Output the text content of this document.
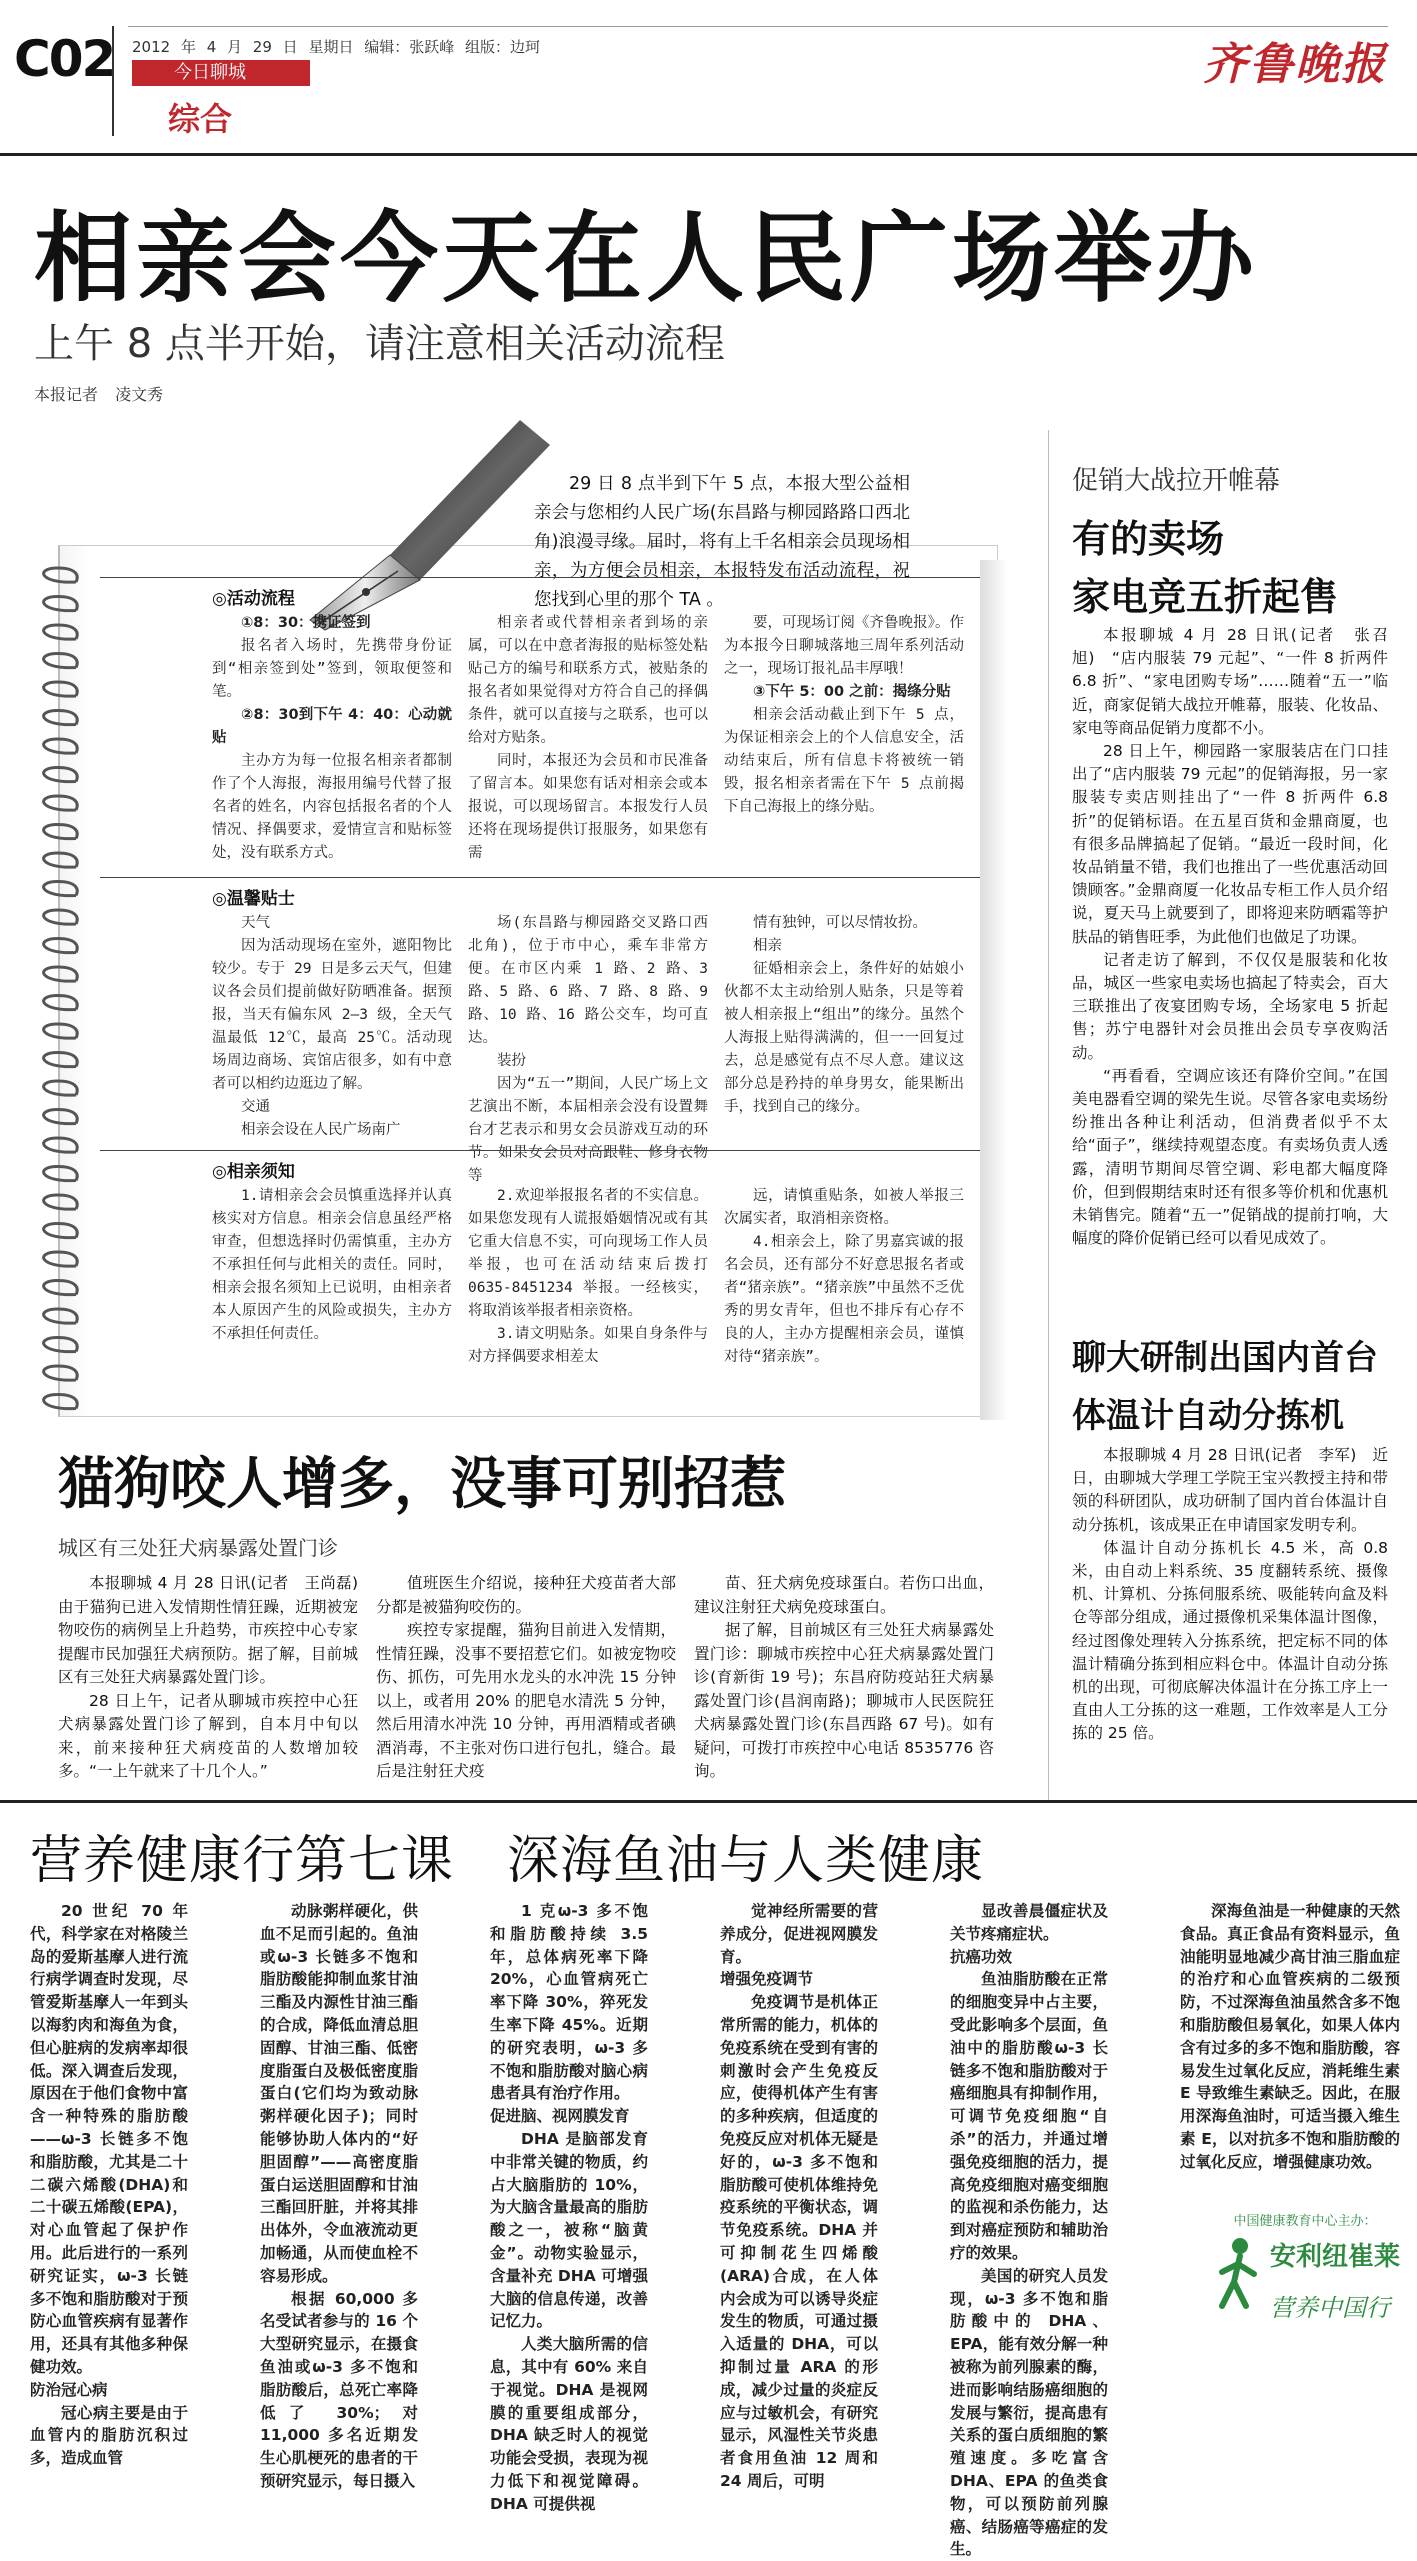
C02 2012 年 4 月 29 日 星期日 编辑：张跃峰 组版：边珂
今日聊城
综合
齐鲁晚报
相亲会今天在人民广场举办
上午 8 点半开始，请注意相关活动流程
本报记者 凌文秀
29 日 8 点半到下午 5 点，本报大型公益相亲会与您相约人民广场(东昌路与柳园路路口西北角)浪漫寻缘。届时，将有上千名相亲会员现场相亲，为方便会员相亲，本报特发布活动流程，祝您找到心里的那个 TA 。
◎活动流程
①8：30：携证签到
报名者入场时，先携带身份证到“相亲签到处”签到，领取便签和笔。
②8：30到下午 4：40：心动就贴
主办方为每一位报名相亲者都制作了个人海报，海报用编号代替了报名者的姓名，内容包括报名者的个人情况、择偶要求，爱情宣言和贴标签处，没有联系方式。
相亲者或代替相亲者到场的亲属，可以在中意者海报的贴标签处粘贴己方的编号和联系方式，被贴条的报名者如果觉得对方符合自己的择偶条件，就可以直接与之联系，也可以给对方贴条。
同时，本报还为会员和市民准备了留言本。如果您有话对相亲会或本报说，可以现场留言。本报发行人员还将在现场提供订报服务，如果您有需
要，可现场订阅《齐鲁晚报》。作为本报今日聊城落地三周年系列活动之一，现场订报礼品丰厚哦！
③下午 5：00 之前：揭绦分贴
相亲会活动截止到下午 5 点，为保证相亲会上的个人信息安全，活动结束后，所有信息卡将被统一销毁，报名相亲者需在下午 5 点前揭下自己海报上的绦分贴。
◎温馨贴士
天气
因为活动现场在室外，遮阳物比较少。专于 29 日是多云天气，但建议各会员们提前做好防晒准备。据预报，当天有偏东风 2—3 级，全天气温最低 12℃，最高 25℃。活动现场周边商场、宾馆店很多，如有中意者可以相约边逛边了解。
交通
相亲会设在人民广场南广
场(东昌路与柳园路交叉路口西北角)，位于市中心，乘车非常方便。在市区内乘 1 路、2 路、3 路、5 路、6 路、7 路、8 路、9 路、10 路、16 路公交车，均可直达。
装扮
因为“五一”期间，人民广场上文艺演出不断，本届相亲会没有设置舞台才艺表示和男女会员游戏互动的环节。如果女会员对高跟鞋、修身衣物等
情有独钟，可以尽情妆扮。
相亲
征婚相亲会上，条件好的姑娘小伙都不太主动给别人贴条，只是等着被人相亲报上“组出”的缘分。虽然个人海报上贴得满满的，但一一回复过去，总是感觉有点不尽人意。建议这部分总是矜持的单身男女，能果断出手，找到自己的缘分。
◎相亲须知
1.请相亲会会员慎重选择并认真核实对方信息。相亲会信息虽经严格审查，但想选择时仍需慎重，主办方不承担任何与此相关的责任。同时，相亲会报名须知上已说明，由相亲者本人原因产生的风险或损失，主办方不承担任何责任。
2.欢迎举报报名者的不实信息。如果您发现有人谎报婚姻情况或有其它重大信息不实，可向现场工作人员举报，也可在活动结束后拨打 0635-8451234 举报。一经核实，将取消该举报者相亲资格。
3.请文明贴条。如果自身条件与对方择偶要求相差太
远，请慎重贴条，如被人举报三次属实者，取消相亲资格。
4.相亲会上，除了男嘉宾诚的报名会员，还有部分不好意思报名者或者“猪亲族”。“猪亲族”中虽然不乏优秀的男女青年，但也不排斥有心存不良的人，主办方提醒相亲会员，谨慎对待“猪亲族”。
促销大战拉开帷幕
有的卖场
家电竞五折起售
本报聊城 4 月 28 日讯(记者　张召旭)　“店内服装 79 元起”、“一件 8 折两件 6.8 折”、“家电团购专场”……随着“五一”临近，商家促销大战拉开帷幕，服装、化妆品、家电等商品促销力度都不小。
28 日上午，柳园路一家服装店在门口挂出了“店内服装 79 元起”的促销海报，另一家服装专卖店则挂出了“一件 8 折两件 6.8 折”的促销标语。在五星百货和金鼎商厦，也有很多品牌搞起了促销。“最近一段时间，化妆品销量不错，我们也推出了一些优惠活动回馈顾客。”金鼎商厦一化妆品专柜工作人员介绍说，夏天马上就要到了，即将迎来防晒霜等护肤品的销售旺季，为此他们也做足了功课。
记者走访了解到，不仅仅是服装和化妆品，城区一些家电卖场也搞起了特卖会，百大三联推出了夜宴团购专场，全场家电 5 折起售；苏宁电器针对会员推出会员专享夜购活动。
“再看看，空调应该还有降价空间。”在国美电器看空调的梁先生说。尽管各家电卖场纷纷推出各种让利活动，但消费者似乎不太给“面子”，继续持观望态度。有卖场负责人透露，清明节期间尽管空调、彩电都大幅度降价，但到假期结束时还有很多等价机和优惠机未销售完。随着“五一”促销战的提前打响，大幅度的降价促销已经可以看见成效了。
聊大研制出国内首台
体温计自动分拣机
本报聊城 4 月 28 日讯(记者　李军)　近日，由聊城大学理工学院王宝兴教授主持和带领的科研团队，成功研制了国内首台体温计自动分拣机，该成果正在申请国家发明专利。
体温计自动分拣机长 4.5 米，高 0.8 米，由自动上料系统、35 度翻转系统、摄像机、计算机、分拣伺服系统、吸能转向盒及料仓等部分组成，通过摄像机采集体温计图像，经过图像处理转入分拣系统，把定标不同的体温计精确分拣到相应料仓中。体温计自动分拣机的出现，可彻底解决体温计在分拣工序上一直由人工分拣的这一难题，工作效率是人工分拣的 25 倍。
猫狗咬人增多，没事可别招惹
城区有三处狂犬病暴露处置门诊
本报聊城 4 月 28 日讯(记者　王尚磊)　由于猫狗已进入发情期性情狂躁，近期被宠物咬伤的病例呈上升趋势，市疾控中心专家提醒市民加强狂犬病预防。据了解，目前城区有三处狂犬病暴露处置门诊。
28 日上午，记者从聊城市疾控中心狂犬病暴露处置门诊了解到，自本月中旬以来，前来接种狂犬病疫苗的人数增加较多。“一上午就来了十几个人。”
值班医生介绍说，接种狂犬疫苗者大部分都是被猫狗咬伤的。
疾控专家提醒，猫狗目前进入发情期，性情狂躁，没事不要招惹它们。如被宠物咬伤、抓伤，可先用水龙头的水冲洗 15 分钟以上，或者用 20% 的肥皂水清洗 5 分钟，然后用清水冲洗 10 分钟，再用酒精或者碘酒消毒，不主张对伤口进行包扎，缝合。最后是注射狂犬疫
苗、狂犬病免疫球蛋白。若伤口出血，建议注射狂犬病免疫球蛋白。
据了解，目前城区有三处狂犬病暴露处置门诊：聊城市疾控中心狂犬病暴露处置门诊(育新街 19 号)；东昌府防疫站狂犬病暴露处置门诊(昌润南路)；聊城市人民医院狂犬病暴露处置门诊(东昌西路 67 号)。如有疑问，可拨打市疾控中心电话 8535776 咨询。
营养健康行第七课　深海鱼油与人类健康
20 世纪 70 年代，科学家在对格陵兰岛的爱斯基摩人进行流行病学调查时发现，尽管爱斯基摩人一年到头以海豹肉和海鱼为食，但心脏病的发病率却很低。深入调查后发现，原因在于他们食物中富含一种特殊的脂肪酸——ω-3 长链多不饱和脂肪酸，尤其是二十二碳六烯酸(DHA)和二十碳五烯酸(EPA)，对心血管起了保护作用。此后进行的一系列研究证实，ω-3 长链多不饱和脂肪酸对于预防心血管疾病有显著作用，还具有其他多种保健功效。
防治冠心病
冠心病主要是由于血管内的脂肪沉积过多，造成血管
动脉粥样硬化，供血不足而引起的。鱼油或ω-3 长链多不饱和脂肪酸能抑制血浆甘油三酯及内源性甘油三酯的合成，降低血清总胆固醇、甘油三酯、低密度脂蛋白及极低密度脂蛋白(它们均为致动脉粥样硬化因子)；同时能够协助人体内的“好胆固醇”——高密度脂蛋白运送胆固醇和甘油三酯回肝脏，并将其排出体外，令血液流动更加畅通，从而使血栓不容易形成。
根据 60,000 多名受试者参与的 16 个大型研究显示，在摄食鱼油或ω-3 多不饱和脂肪酸后，总死亡率降低了 30%；对 11,000 多名近期发生心肌梗死的患者的干预研究显示，每日摄入
1 克ω-3 多不饱和脂肪酸持续 3.5 年，总体病死率下降 20%，心血管病死亡率下降 30%，猝死发生率下降 45%。近期的研究表明，ω-3 多不饱和脂肪酸对脑心病患者具有治疗作用。
促进脑、视网膜发育
DHA 是脑部发育中非常关键的物质，约占大脑脂肪的 10%，为大脑含量最高的脂肪酸之一，被称“脑黄金”。动物实验显示，含量补充 DHA 可增强大脑的信息传递，改善记忆力。
人类大脑所需的信息，其中有 60% 来自于视觉。DHA 是视网膜的重要组成部分，DHA 缺乏时人的视觉功能会受损，表现为视力低下和视觉障碍。DHA 可提供视
觉神经所需要的营养成分，促进视网膜发育。
增强免疫调节
免疫调节是机体正常所需的能力，机体的免疫系统在受到有害的刺激时会产生免疫反应，使得机体产生有害的多种疾病，但适度的免疫反应对机体无疑是好的，ω-3 多不饱和脂肪酸可使机体维持免疫系统的平衡状态，调节免疫系统。DHA 并可抑制花生四烯酸(ARA)合成，在人体内会成为可以诱导炎症发生的物质，可通过摄入适量的 DHA，可以抑制过量 ARA 的形成，减少过量的炎症反应与过敏机会，有研究显示，风湿性关节炎患者食用鱼油 12 周和 24 周后，可明
显改善晨僵症状及关节疼痛症状。
抗癌功效
鱼油脂肪酸在正常的细胞变异中占主要，受此影响多个层面，鱼油中的脂肪酸ω-3 长链多不饱和脂肪酸对于癌细胞具有抑制作用，可调节免疫细胞“自杀”的活力，并通过增强免疫细胞的活力，提高免疫细胞对癌变细胞的监视和杀伤能力，达到对癌症预防和辅助治疗的效果。
美国的研究人员发现，ω-3 多不饱和脂肪酸中的 DHA、EPA，能有效分解一种被称为前列腺素的酶，进而影响结肠癌细胞的发展与繁衍，提高患有关系的蛋白质细胞的繁殖速度。多吃富含 DHA、EPA 的鱼类食物，可以预防前列腺癌、结肠癌等癌症的发生。
深海鱼油是一种健康的天然食品。真正食品有资料显示，鱼油能明显地减少高甘油三脂血症的治疗和心血管疾病的二级预防，不过深海鱼油虽然含多不饱和脂肪酸但易氧化，如果人体内含有过多的多不饱和脂肪酸，容易发生过氧化反应，消耗维生素 E 导致维生素缺乏。因此，在服用深海鱼油时，可适当摄入维生素 E，以对抗多不饱和脂肪酸的过氧化反应，增强健康功效。
中国健康教育中心主办：
安利纽崔莱
营养中国行
